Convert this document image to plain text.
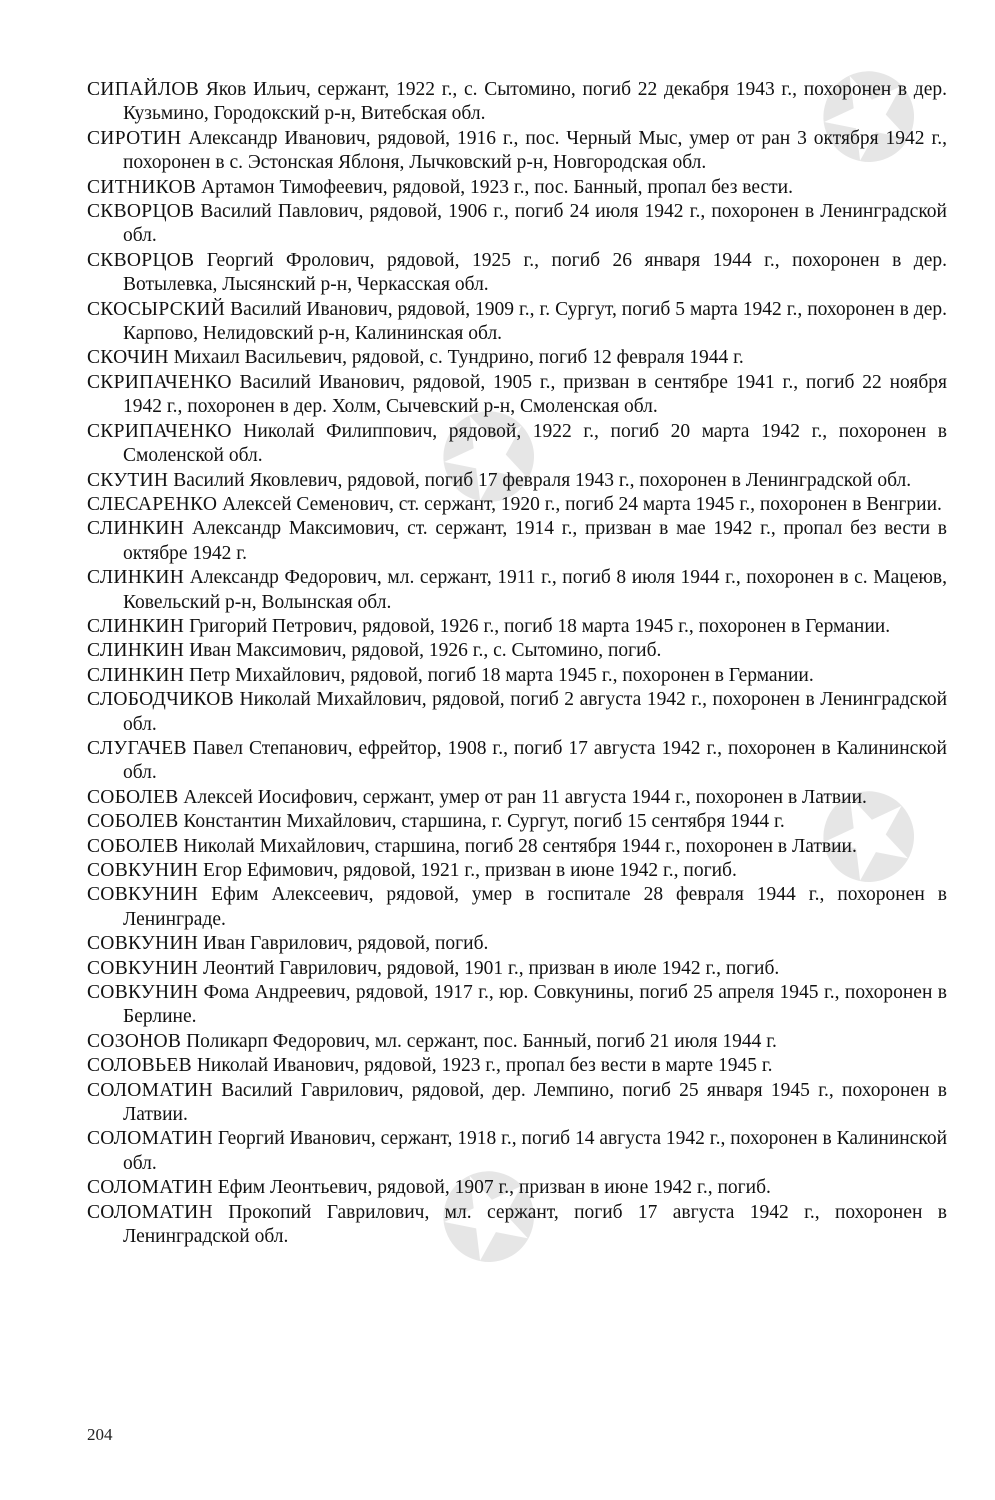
✪
✪
✪
✪
СИПАЙЛОВ Яков Ильич, сержант, 1922 г., с. Сытомино, погиб 22 декабря 1943 г., похоронен в дер. Кузьмино, Городокский р-н, Витебская обл.
СИРОТИН Александр Иванович, рядовой, 1916 г., пос. Черный Мыс, умер от ран 3 октября 1942 г., похоронен в с. Эстонская Яблоня, Лычковский р-н, Новгородская обл.
СИТНИКОВ Артамон Тимофеевич, рядовой, 1923 г., пос. Банный, пропал без вести.
СКВОРЦОВ Василий Павлович, рядовой, 1906 г., погиб 24 июля 1942 г., похоронен в Ленинградской обл.
СКВОРЦОВ Георгий Фролович, рядовой, 1925 г., погиб 26 января 1944 г., похоронен в дер. Вотылевка, Лысянский р-н, Черкасская обл.
СКОСЫРСКИЙ Василий Иванович, рядовой, 1909 г., г. Сургут, погиб 5 марта 1942 г., похоронен в дер. Карпово, Нелидовский р-н, Калининская обл.
СКОЧИН Михаил Васильевич, рядовой, с. Тундрино, погиб 12 февраля 1944 г.
СКРИПАЧЕНКО Василий Иванович, рядовой, 1905 г., призван в сентябре 1941 г., погиб 22 ноября 1942 г., похоронен в дер. Холм, Сычевский р-н, Смоленская обл.
СКРИПАЧЕНКО Николай Филиппович, рядовой, 1922 г., погиб 20 марта 1942 г., похоронен в Смоленской обл.
СКУТИН Василий Яковлевич, рядовой, погиб 17 февраля 1943 г., похоронен в Ленинградской обл.
СЛЕСАРЕНКО Алексей Семенович, ст. сержант, 1920 г., погиб 24 марта 1945 г., похоронен в Венгрии.
СЛИНКИН Александр Максимович, ст. сержант, 1914 г., призван в мае 1942 г., пропал без вести в октябре 1942 г.
СЛИНКИН Александр Федорович, мл. сержант, 1911 г., погиб 8 июля 1944 г., похоронен в с. Мацеюв, Ковельский р-н, Волынская обл.
СЛИНКИН Григорий Петрович, рядовой, 1926 г., погиб 18 марта 1945 г., похоронен в Германии.
СЛИНКИН Иван Максимович, рядовой, 1926 г., с. Сытомино, погиб.
СЛИНКИН Петр Михайлович, рядовой, погиб 18 марта 1945 г., похоронен в Германии.
СЛОБОДЧИКОВ Николай Михайлович, рядовой, погиб 2 августа 1942 г., похоронен в Ленинградской обл.
СЛУГАЧЕВ Павел Степанович, ефрейтор, 1908 г., погиб 17 августа 1942 г., похоронен в Калининской обл.
СОБОЛЕВ Алексей Иосифович, сержант, умер от ран 11 августа 1944 г., похоронен в Латвии.
СОБОЛЕВ Константин Михайлович, старшина, г. Сургут, погиб 15 сентября 1944 г.
СОБОЛЕВ Николай Михайлович, старшина, погиб 28 сентября 1944 г., похоронен в Латвии.
СОВКУНИН Егор Ефимович, рядовой, 1921 г., призван в июне 1942 г., погиб.
СОВКУНИН Ефим Алексеевич, рядовой, умер в госпитале 28 февраля 1944 г., похоронен в Ленинграде.
СОВКУНИН Иван Гаврилович, рядовой, погиб.
СОВКУНИН Леонтий Гаврилович, рядовой, 1901 г., призван в июле 1942 г., погиб.
СОВКУНИН Фома Андреевич, рядовой, 1917 г., юр. Совкунины, погиб 25 апреля 1945 г., похоронен в Берлине.
СОЗОНОВ Поликарп Федорович, мл. сержант, пос. Банный, погиб 21 июля 1944 г.
СОЛОВЬЕВ Николай Иванович, рядовой, 1923 г., пропал без вести в марте 1945 г.
СОЛОМАТИН Василий Гаврилович, рядовой, дер. Лемпино, погиб 25 января 1945 г., похоронен в Латвии.
СОЛОМАТИН Георгий Иванович, сержант, 1918 г., погиб 14 августа 1942 г., похоронен в Калининской обл.
СОЛОМАТИН Ефим Леонтьевич, рядовой, 1907 г., призван в июне 1942 г., погиб.
СОЛОМАТИН Прокопий Гаврилович, мл. сержант, погиб 17 августа 1942 г., похоронен в Ленинградской обл.
204
